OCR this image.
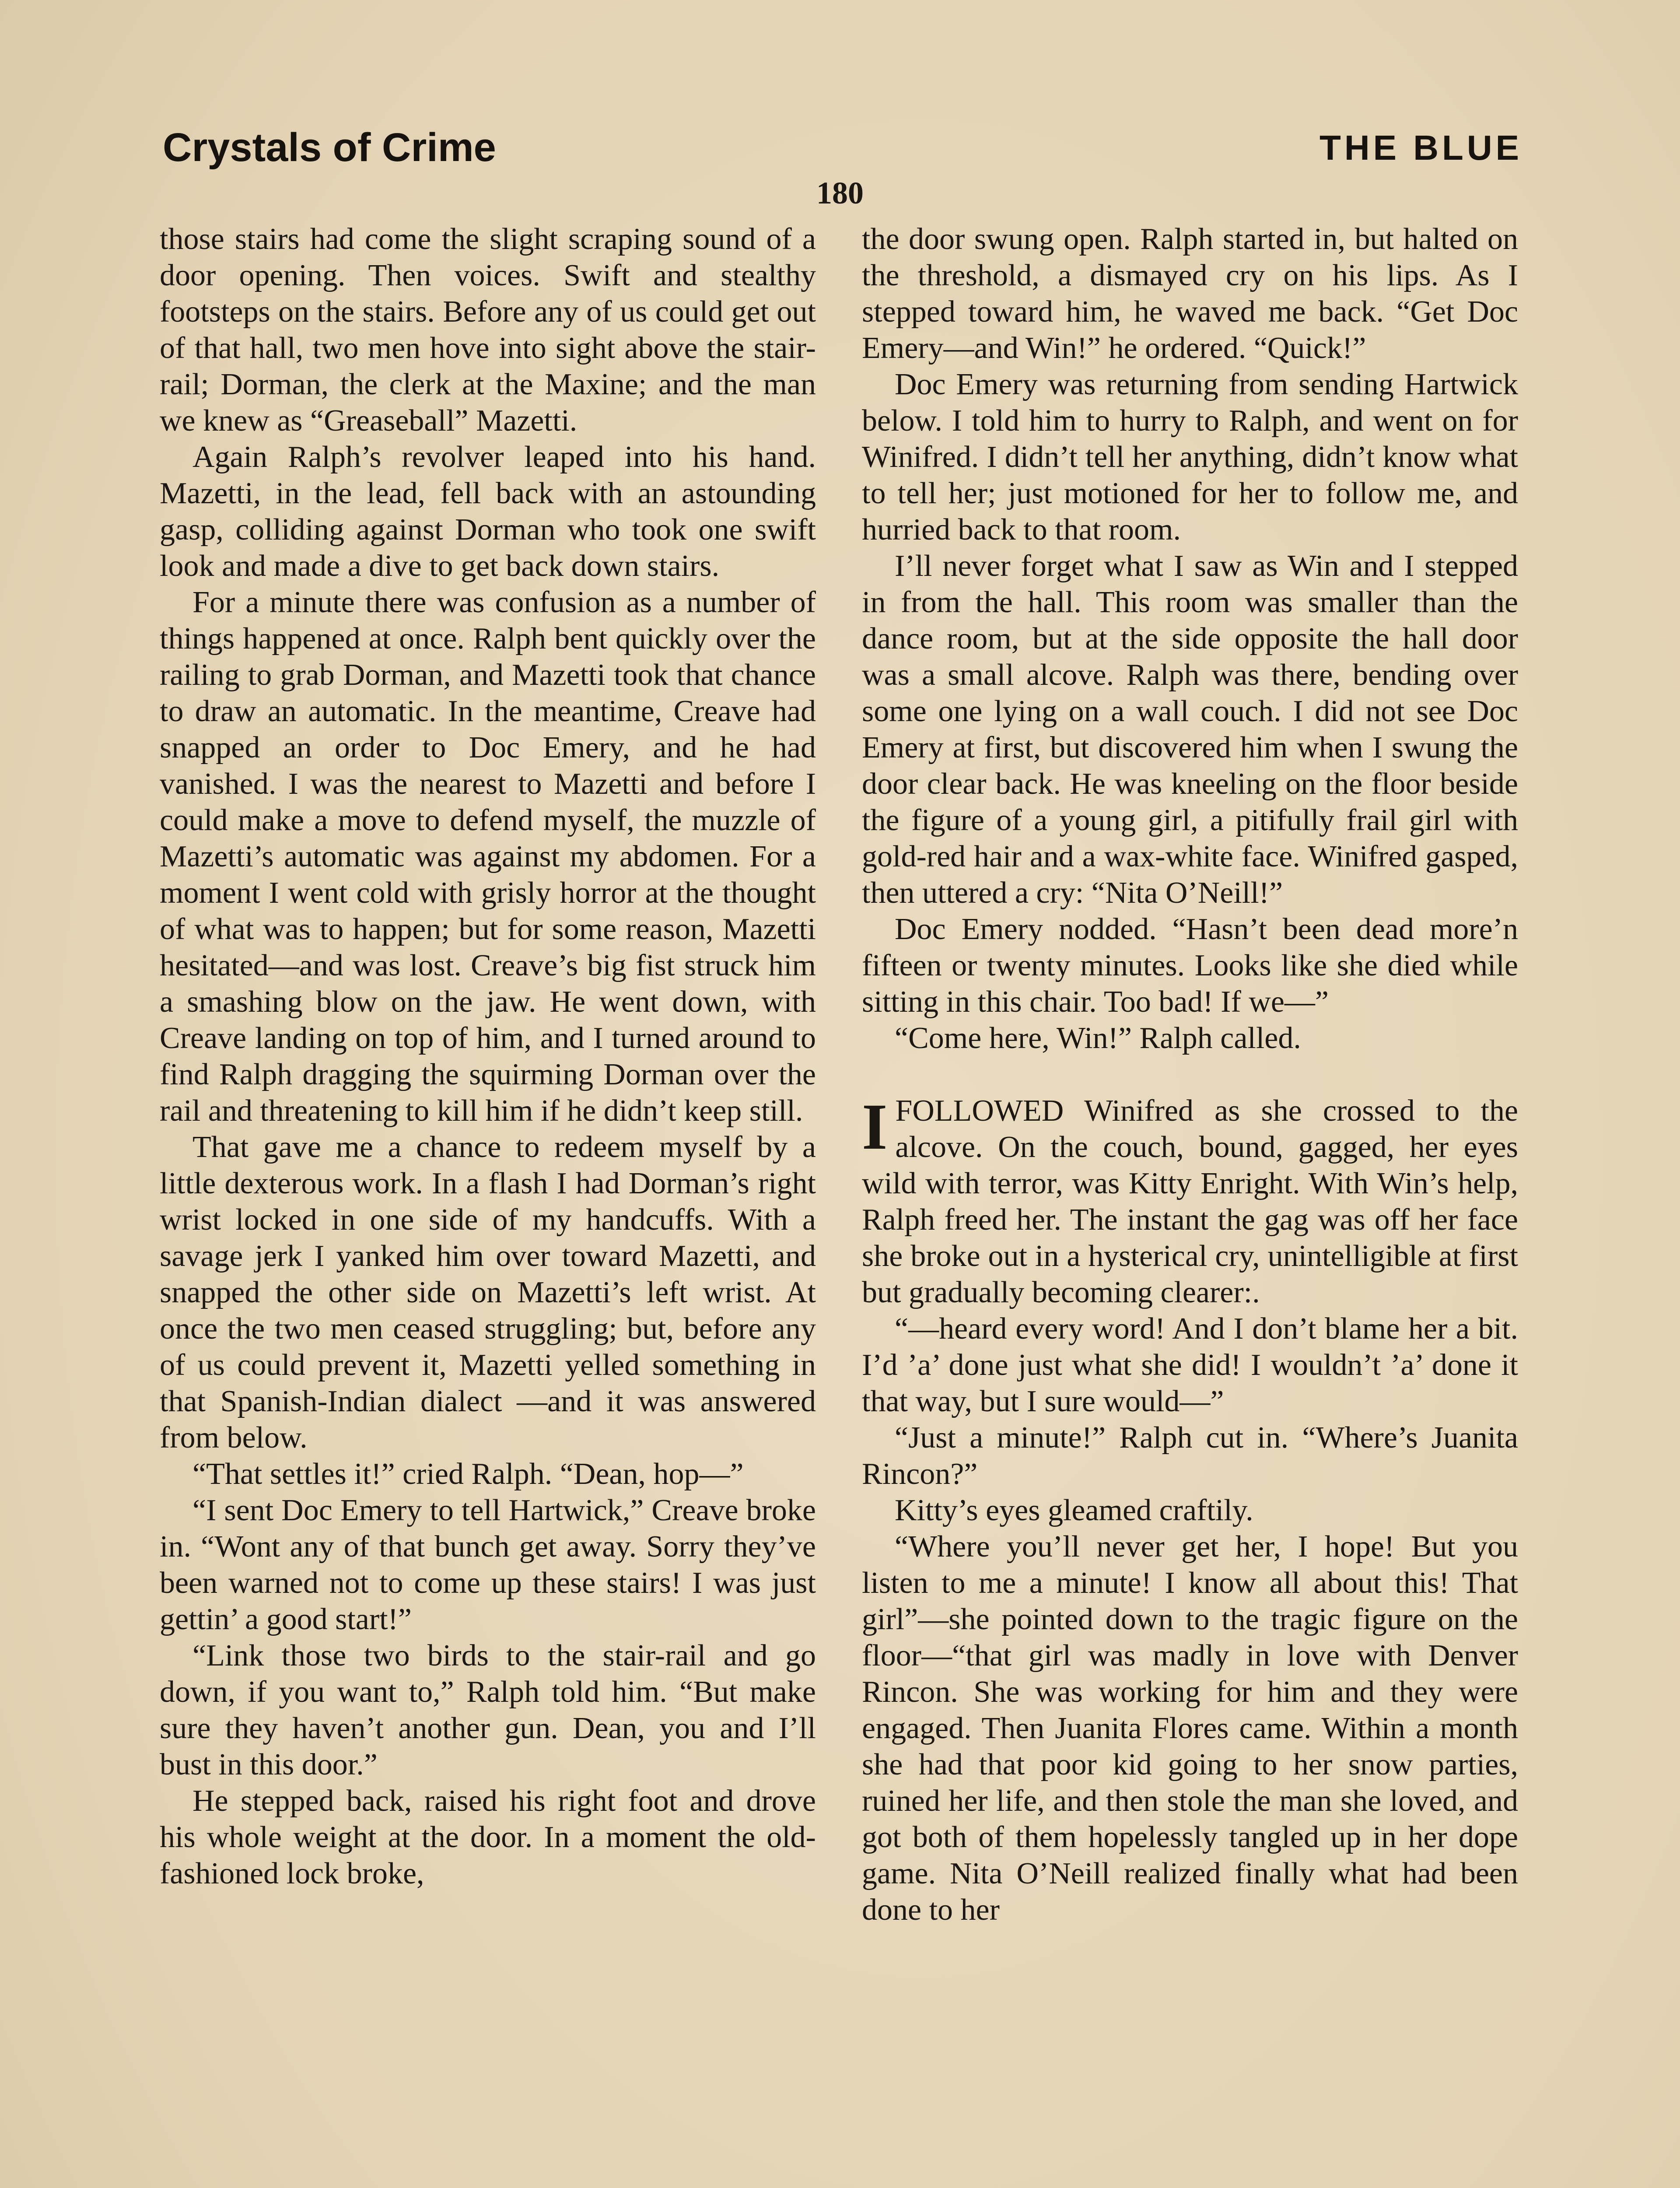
Crystals of Crime	THE BLUE
180

those stairs had come the slight scraping sound of a door opening. Then voices. Swift and stealthy footsteps on the stairs. Before any of us could get out of that hall, two men hove into sight above the stair-rail; Dorman, the clerk at the Maxine; and the man we knew as “Greaseball” Mazetti.

Again Ralph’s revolver leaped into his hand. Mazetti, in the lead, fell back with an astounding gasp, colliding against Dorman who took one swift look and made a dive to get back down stairs.

For a minute there was confusion as a number of things happened at once. Ralph bent quickly over the railing to grab Dorman, and Mazetti took that chance to draw an automatic. In the meantime, Creave had snapped an order to Doc Emery, and he had vanished. I was the nearest to Mazetti and before I could make a move to defend myself, the muzzle of Mazetti’s automatic was against my abdomen. For a moment I went cold with grisly horror at the thought of what was to happen; but for some reason, Mazetti hesitated—and was lost. Creave’s big fist struck him a smashing blow on the jaw. He went down, with Creave landing on top of him, and I turned around to find Ralph dragging the squirming Dorman over the rail and threatening to kill him if he didn’t keep still.

That gave me a chance to redeem myself by a little dexterous work. In a flash I had Dorman’s right wrist locked in one side of my handcuffs. With a savage jerk I yanked him over toward Mazetti, and snapped the other side on Mazetti’s left wrist. At once the two men ceased struggling; but, before any of us could prevent it, Mazetti yelled something in that Spanish-Indian dialect —and it was answered from below.

“That settles it!” cried Ralph. “Dean, hop—”

“I sent Doc Emery to tell Hartwick,” Creave broke in. “Wont any of that bunch get away. Sorry they’ve been warned not to come up these stairs! I was just gettin’ a good start!”

“Link those two birds to the stair-rail and go down, if you want to,” Ralph told him. “But make sure they haven’t another gun. Dean, you and I’ll bust in this door.”

He stepped back, raised his right foot and drove his whole weight at the door. In a moment the old-fashioned lock broke,

the door swung open. Ralph started in, but halted on the threshold, a dismayed cry on his lips. As I stepped toward him, he waved me back. “Get Doc Emery—and Win!” he ordered. “Quick!”

Doc Emery was returning from sending Hartwick below. I told him to hurry to Ralph, and went on for Winifred. I didn’t tell her anything, didn’t know what to tell her; just motioned for her to follow me, and hurried back to that room.

I’ll never forget what I saw as Win and I stepped in from the hall. This room was smaller than the dance room, but at the side opposite the hall door was a small alcove. Ralph was there, bending over some one lying on a wall couch. I did not see Doc Emery at first, but discovered him when I swung the door clear back. He was kneeling on the floor beside the figure of a young girl, a pitifully frail girl with gold-red hair and a wax-white face. Winifred gasped, then uttered a cry: “Nita O’Neill!”

Doc Emery nodded. “Hasn’t been dead more’n fifteen or twenty minutes. Looks like she died while sitting in this chair. Too bad! If we—”

“Come here, Win!” Ralph called.

IFOLLOWED Winifred as she crossed to the alcove. On the couch, bound, gagged, her eyes wild with terror, was Kitty Enright. With Win’s help, Ralph freed her. The instant the gag was off her face she broke out in a hysterical cry, unintelligible at first but gradually becoming clearer:.

“—heard every word! And I don’t blame her a bit. I’d ’a’ done just what she did! I wouldn’t ’a’ done it that way, but I sure would—”

“Just a minute!” Ralph cut in. “Where’s Juanita Rincon?”

Kitty’s eyes gleamed craftily.

“Where you’ll never get her, I hope! But you listen to me a minute! I know all about this! That girl”—she pointed down to the tragic figure on the floor—“that girl was madly in love with Denver Rincon. She was working for him and they were engaged. Then Juanita Flores came. Within a month she had that poor kid going to her snow parties, ruined her life, and then stole the man she loved, and got both of them hopelessly tangled up in her dope game. Nita O’Neill realized finally what had been done to her
